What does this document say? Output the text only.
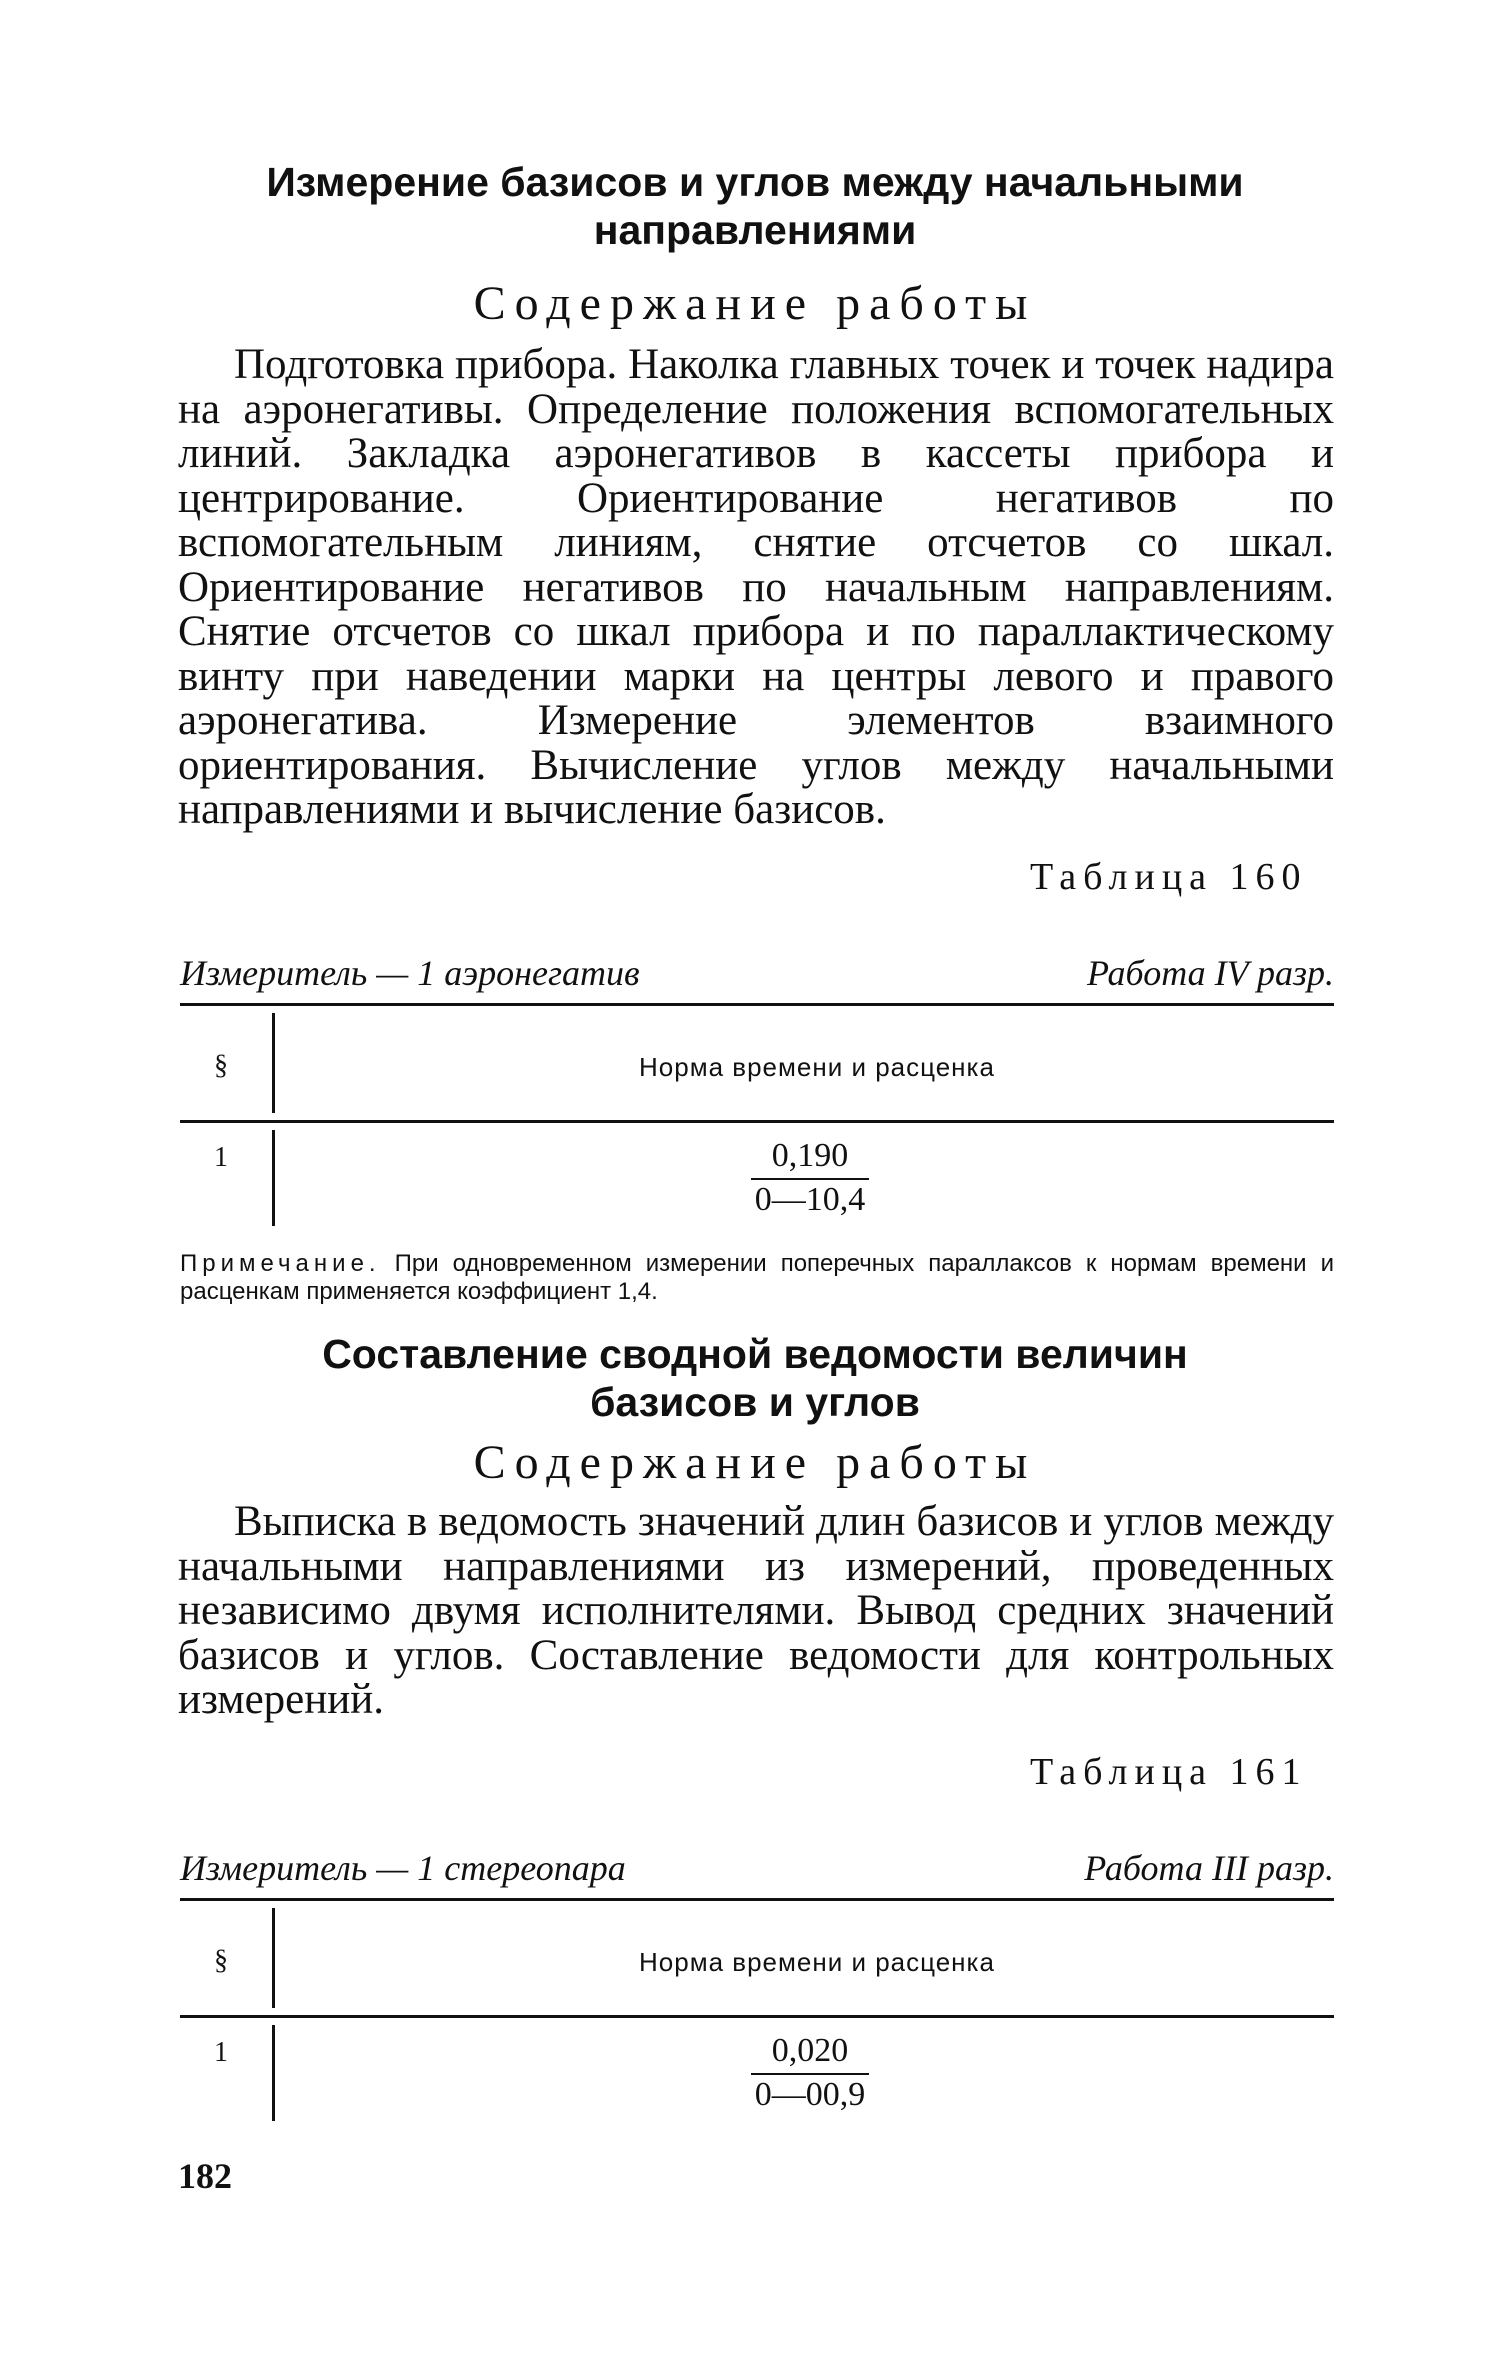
Измерение базисов и углов между начальными
направлениями
Содержание работы
Подготовка прибора. Наколка главных точек и точек надира на аэронегативы. Определение положения вспомогательных линий. Закладка аэронегативов в кассеты прибора и центрирование. Ориентирование негативов по вспомогательным линиям, снятие отсчетов со шкал. Ориентирование негативов по начальным направлениям. Снятие отсчетов со шкал прибора и по параллактическому винту при наведении марки на центры левого и правого аэронегатива. Измерение элементов взаимного ориентирования. Вычисление углов между начальными направлениями и вычисление базисов.
Таблица 160
Измеритель — 1 аэронегатив	Работа IV разр.
§	Норма времени и расценка
1	$\frac{0,190}{0—10,4}$
Примечание. При одновременном измерении поперечных параллаксов к нормам времени и расценкам применяется коэффициент 1,4.
Составление сводной ведомости величин
базисов и углов
Содержание работы
Выписка в ведомость значений длин базисов и углов между начальными направлениями из измерений, проведенных независимо двумя исполнителями. Вывод средних значений базисов и углов. Составление ведомости для контрольных измерений.
Таблица 161
Измеритель — 1 стереопара	Работа III разр.
§	Норма времени и расценка
1	$\frac{0,020}{0—00,9}$
182
